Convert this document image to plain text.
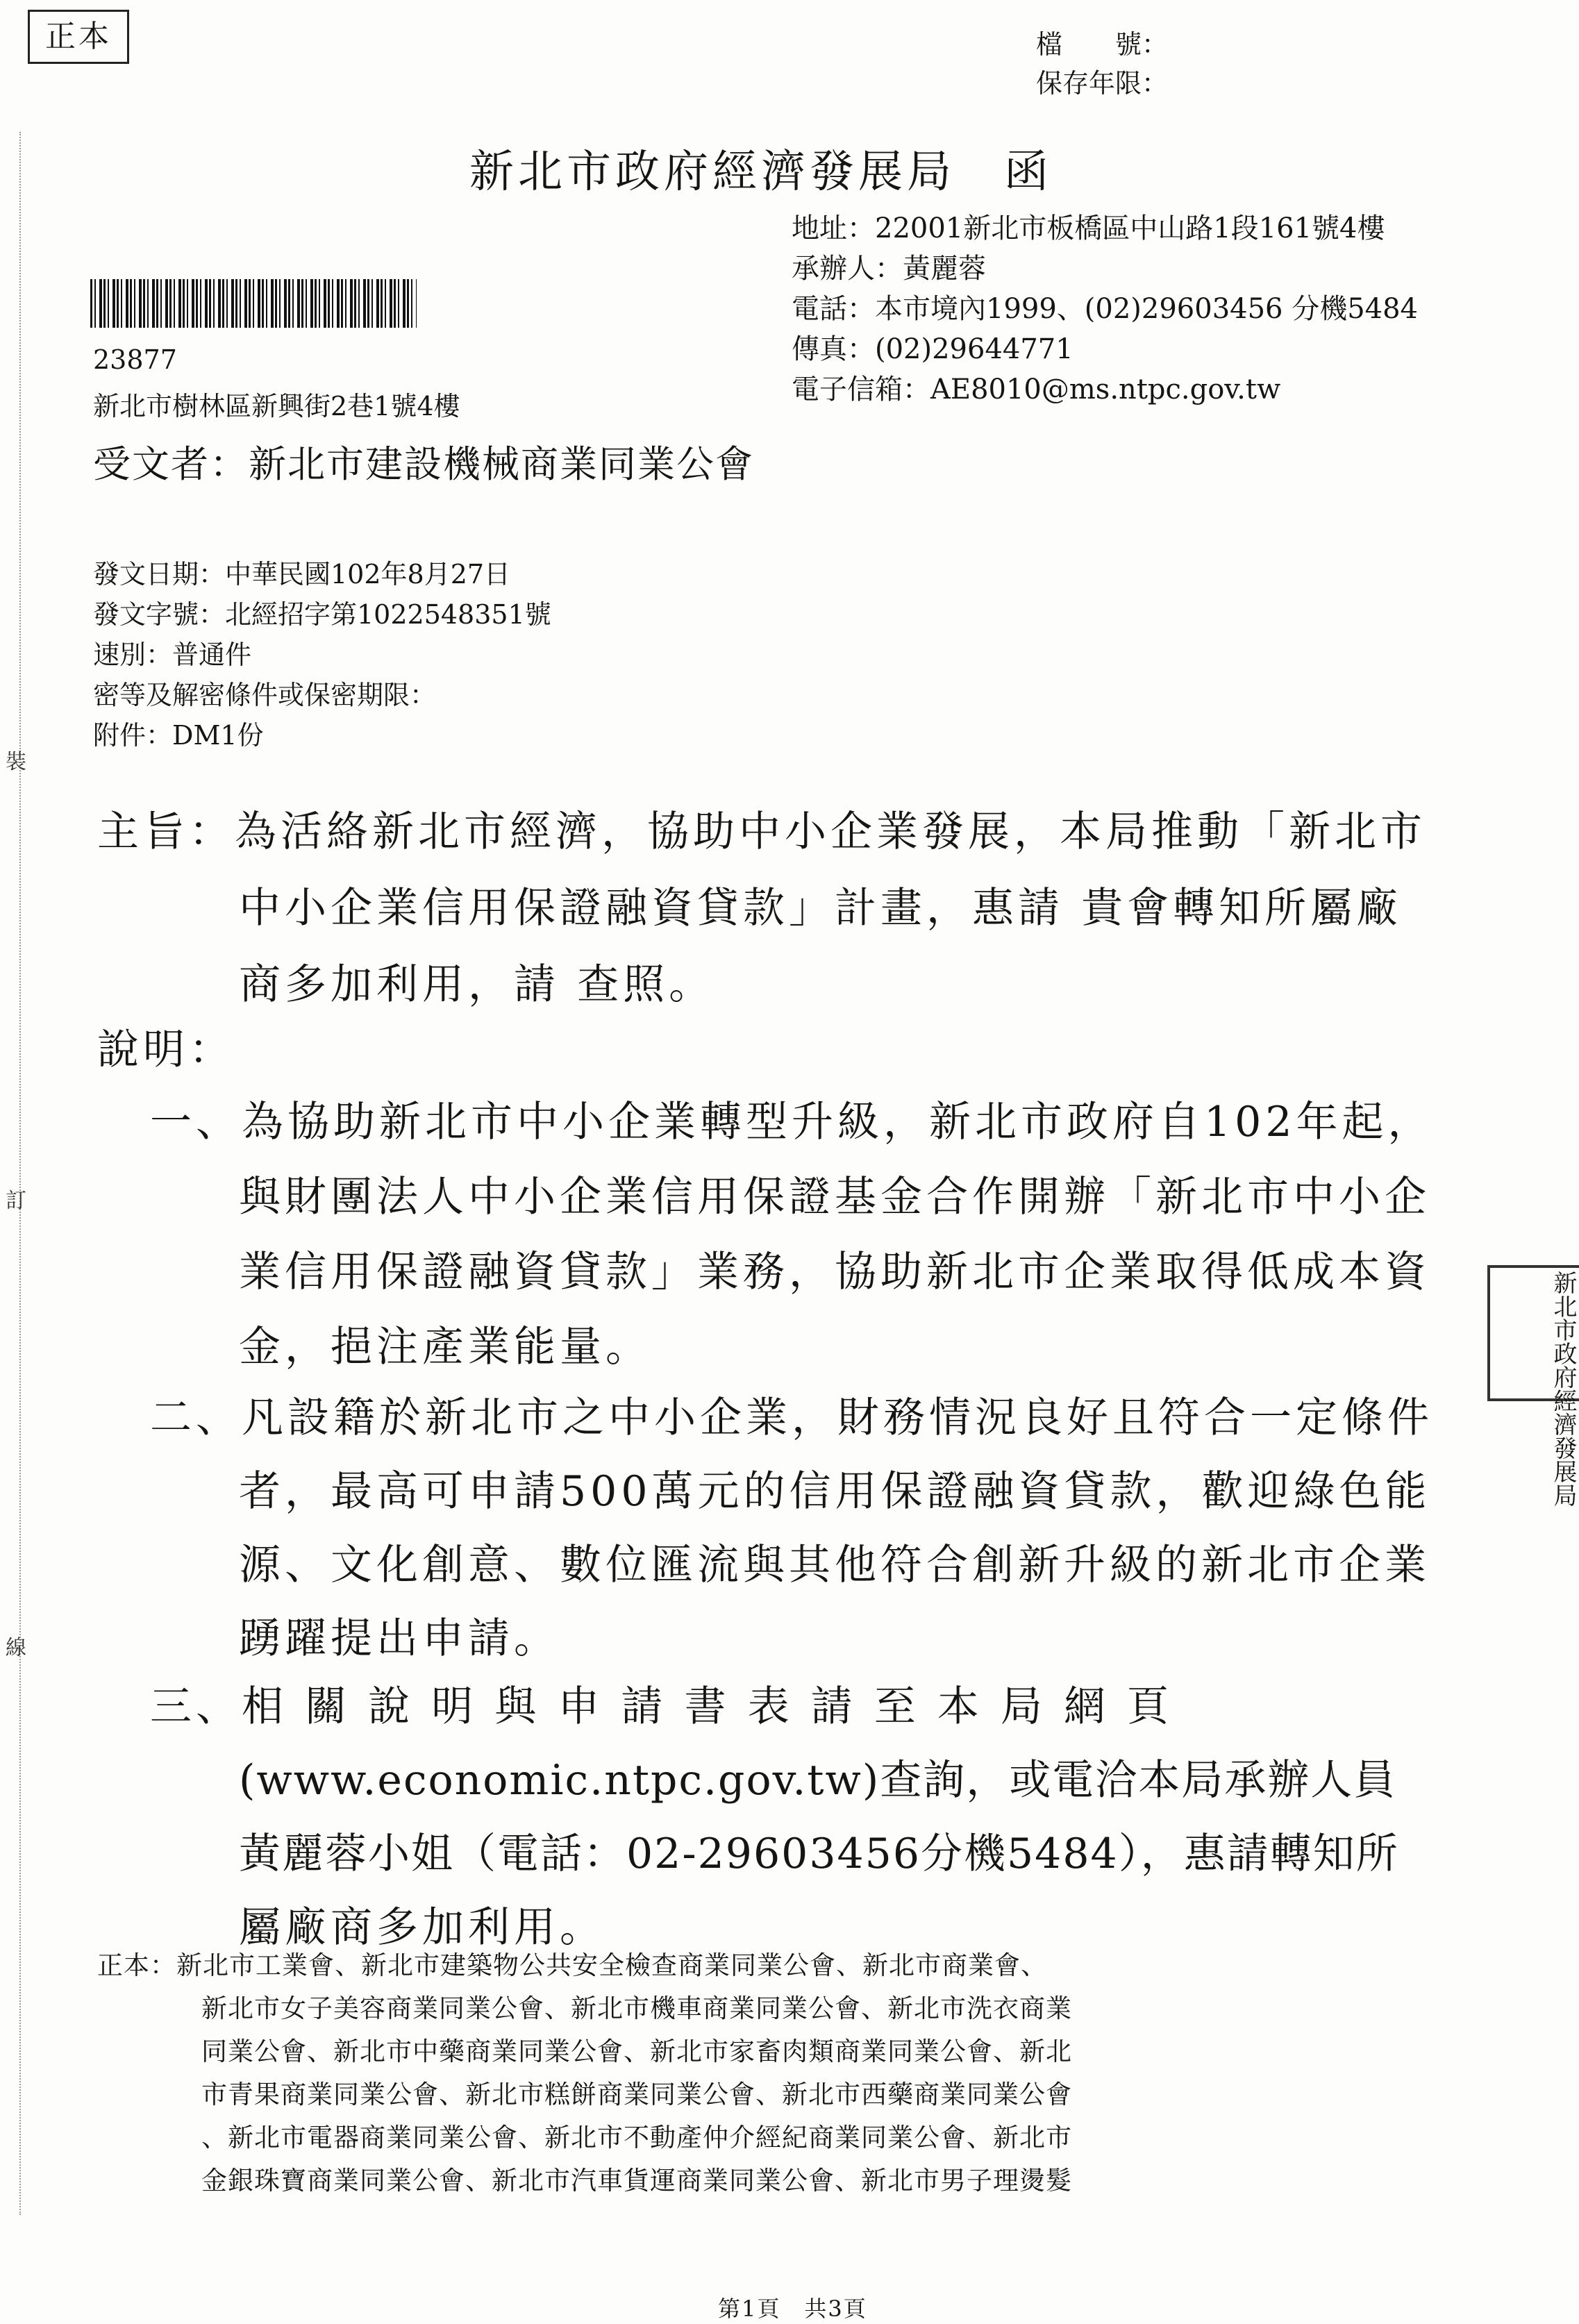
正本	檔　　號：
保存年限：
新北市政府經濟發展局　函
地址：22001新北市板橋區中山路1段161號4樓
承辦人：黃麗蓉
電話：本市境內1999、(02)29603456 分機5484
傳真：(02)29644771
電子信箱：AE8010@ms.ntpc.gov.tw
23877
新北市樹林區新興街2巷1號4樓
受文者：新北市建設機械商業同業公會
發文日期：中華民國102年8月27日
發文字號：北經招字第1022548351號
速別：普通件
密等及解密條件或保密期限：
附件：DM1份
主旨：為活絡新北市經濟，協助中小企業發展，本局推動「新北市
中小企業信用保證融資貸款」計畫，惠請 貴會轉知所屬廠
商多加利用，請 查照。
說明：
一、為協助新北市中小企業轉型升級，新北市政府自102年起，
與財團法人中小企業信用保證基金合作開辦「新北市中小企
業信用保證融資貸款」業務，協助新北市企業取得低成本資
金，挹注產業能量。
二、凡設籍於新北市之中小企業，財務情況良好且符合一定條件
者，最高可申請500萬元的信用保證融資貸款，歡迎綠色能
源、文化創意、數位匯流與其他符合創新升級的新北市企業
踴躍提出申請。
三、相 關 說 明 與 申 請 書 表 請 至 本 局 網 頁
(www.economic.ntpc.gov.tw)查詢，或電洽本局承辦人員
黃麗蓉小姐（電話：02-29603456分機5484），惠請轉知所
屬廠商多加利用。
正本：新北市工業會、新北市建築物公共安全檢查商業同業公會、新北市商業會、
新北市女子美容商業同業公會、新北市機車商業同業公會、新北市洗衣商業
同業公會、新北市中藥商業同業公會、新北市家畜肉類商業同業公會、新北
市青果商業同業公會、新北市糕餅商業同業公會、新北市西藥商業同業公會
、新北市電器商業同業公會、新北市不動產仲介經紀商業同業公會、新北市
金銀珠寶商業同業公會、新北市汽車貨運商業同業公會、新北市男子理燙髮
裝
訂
線
新北市政府經濟發展局
第1頁　共3頁
